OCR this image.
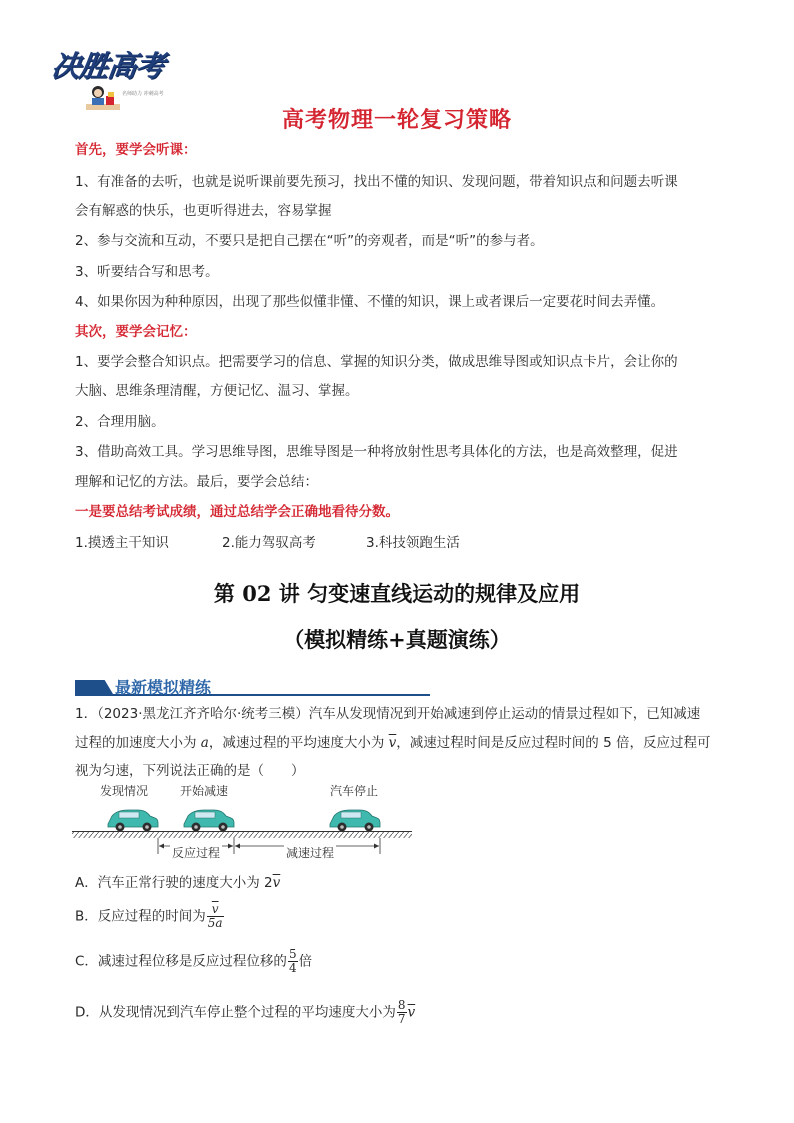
决胜高考
名师助力 冲刺高考
高考物理一轮复习策略
首先，要学会听课：
1、有准备的去听，也就是说听课前要先预习，找出不懂的知识、发现问题，带着知识点和问题去听课
会有解惑的快乐，也更听得进去，容易掌握
2、参与交流和互动，不要只是把自己摆在“听”的旁观者，而是“听”的参与者。
3、听要结合写和思考。
4、如果你因为种种原因，出现了那些似懂非懂、不懂的知识，课上或者课后一定要花时间去弄懂。
其次，要学会记忆：
1、要学会整合知识点。把需要学习的信息、掌握的知识分类，做成思维导图或知识点卡片，会让你的
大脑、思维条理清醒，方便记忆、温习、掌握。
2、合理用脑。
3、借助高效工具。学习思维导图，思维导图是一种将放射性思考具体化的方法，也是高效整理，促进
理解和记忆的方法。最后，要学会总结：
一是要总结考试成绩，通过总结学会正确地看待分数。
1.摸透主干知识	2.能力驾驭高考	3.科技领跑生活
第 02 讲 匀变速直线运动的规律及应用
（模拟精练+真题演练）
最新模拟精练
1．（2023·黑龙江齐齐哈尔·统考三模）汽车从发现情况到开始减速到停止运动的情景过程如下，已知减速
过程的加速度大小为 a，减速过程的平均速度大小为 $\overline{v}$，减速过程时间是反应过程时间的 5 倍，反应过程可
视为匀速，下列说法正确的是（　　）
发现情况	开始减速	汽车停止
反应过程	减速过程
A．汽车正常行驶的速度大小为 $2\overline{v}$
B．反应过程的时间为 $\frac{\overline{v}}{5a}$
C．减速过程位移是反应过程位移的 $\frac{5}{4}$ 倍
D．从发现情况到汽车停止整个过程的平均速度大小为 $\frac{8}{7} \overline{v}$
